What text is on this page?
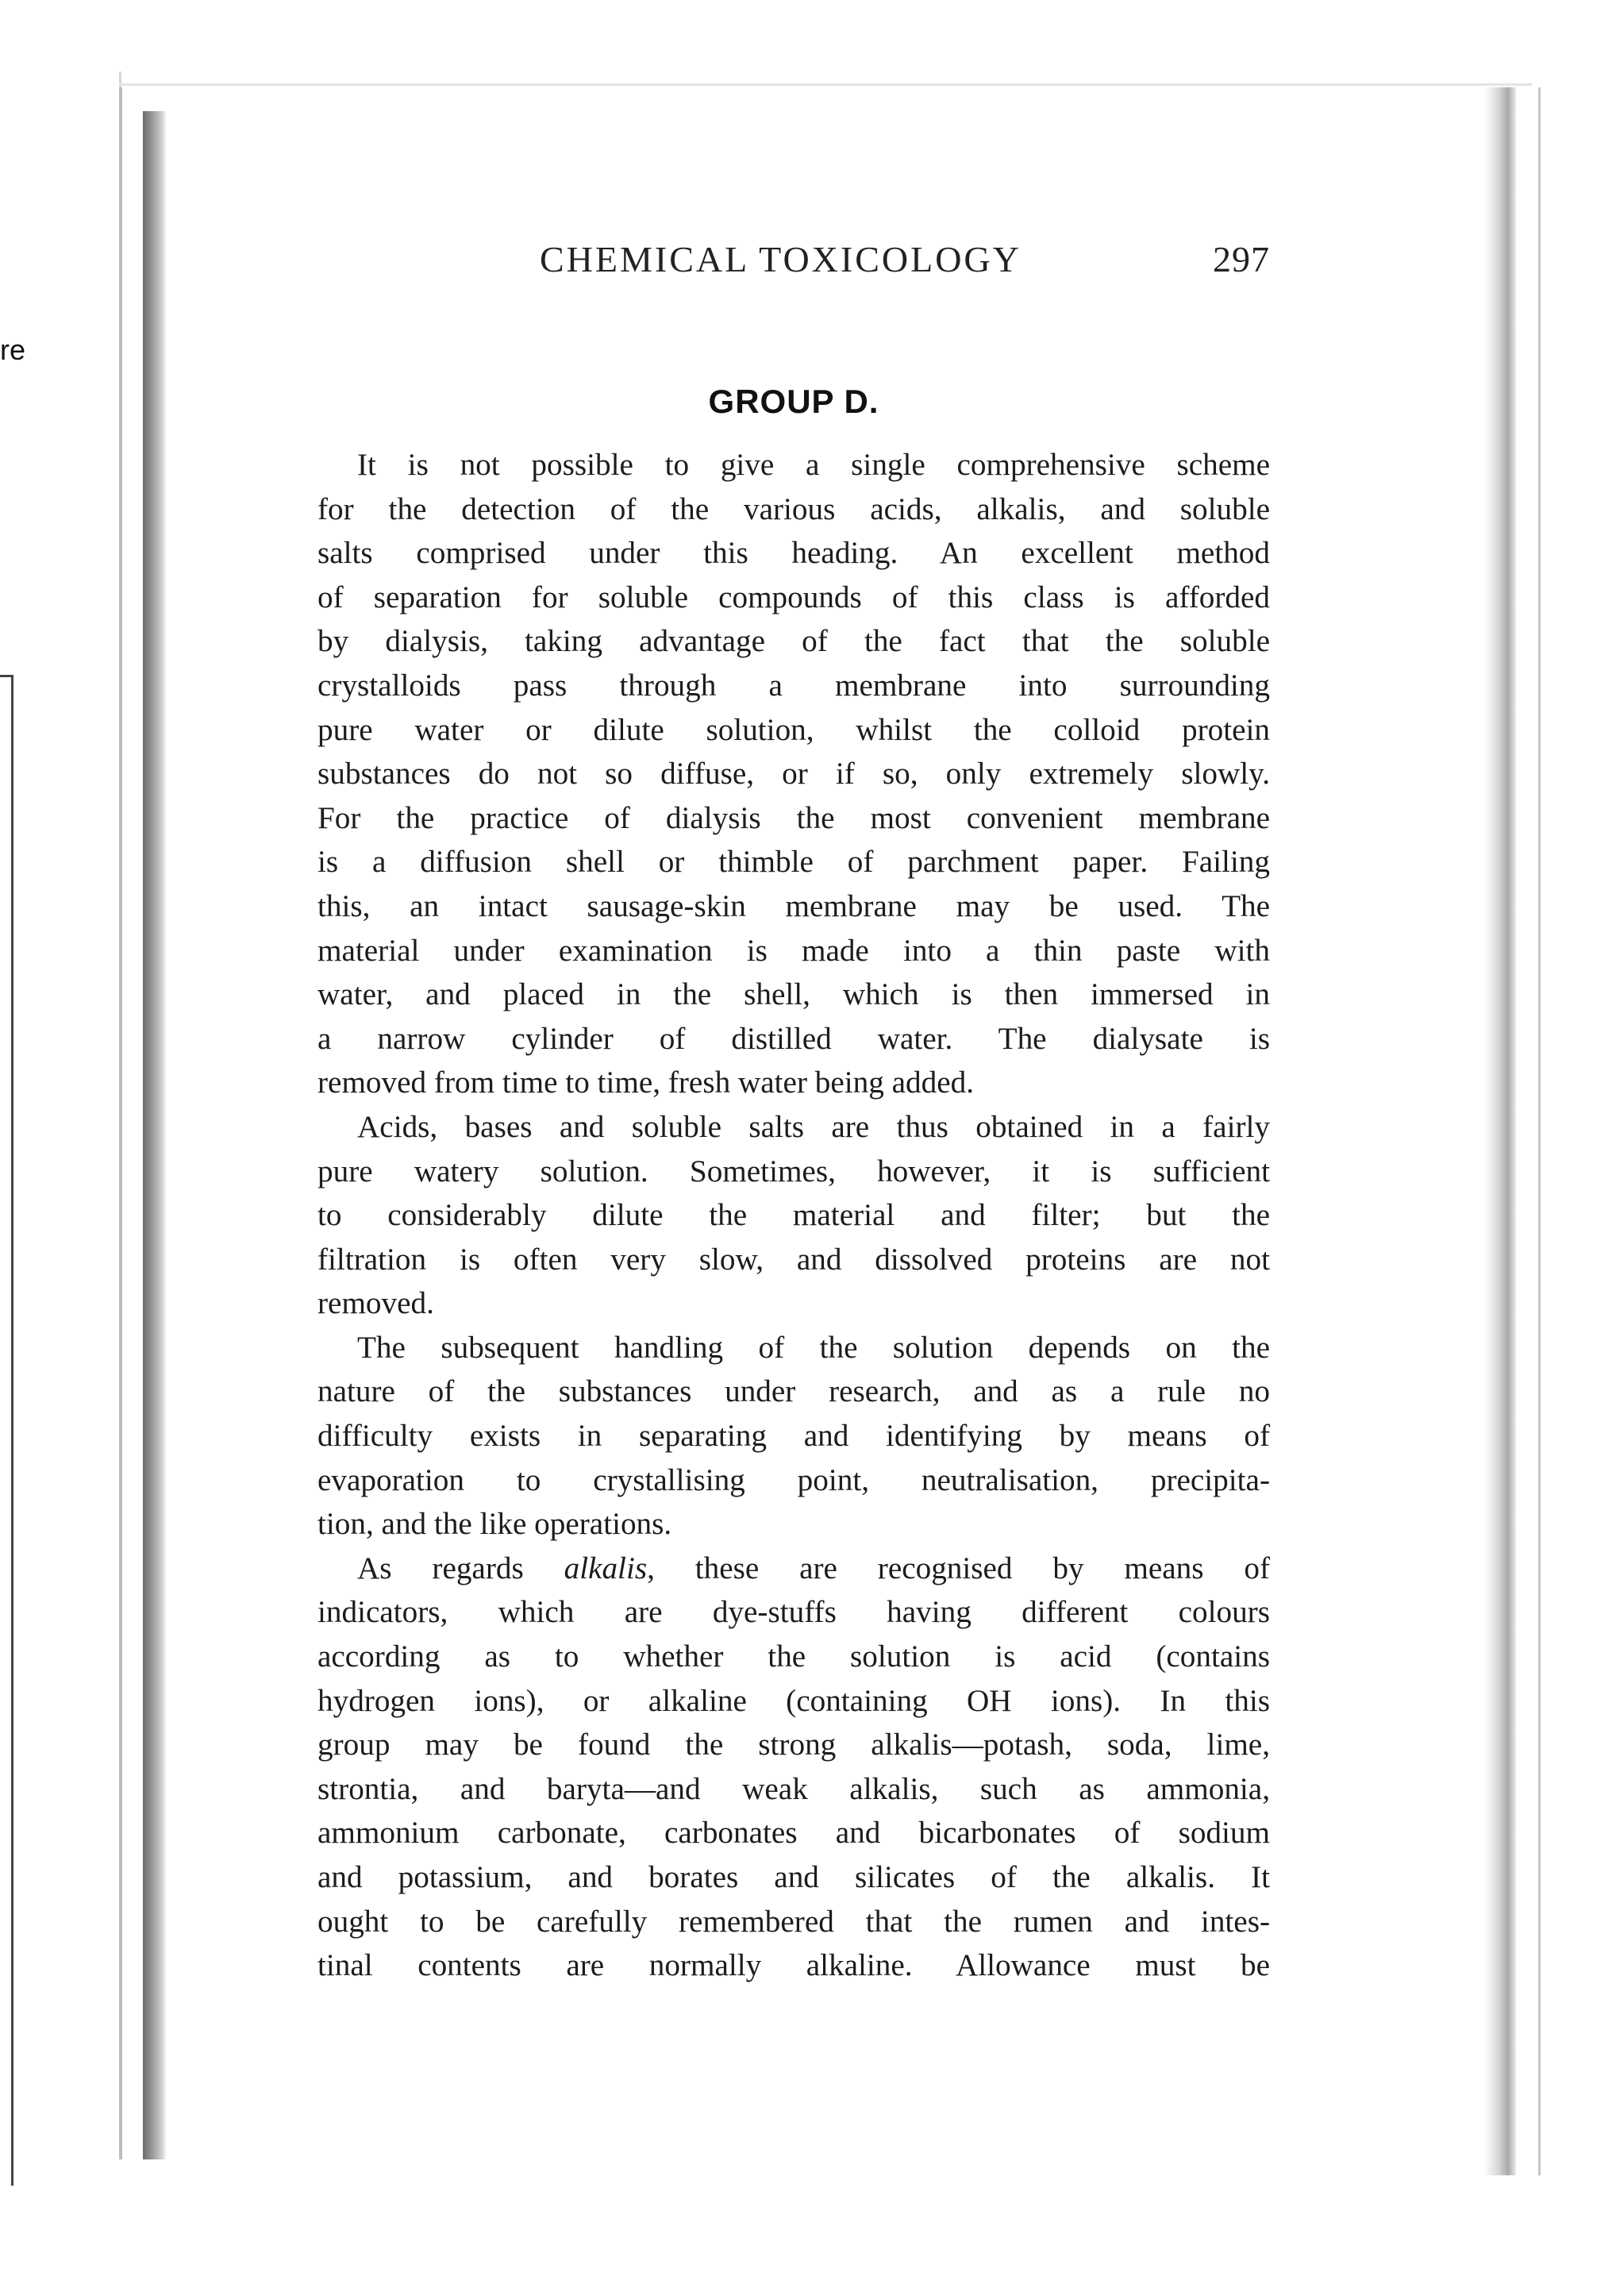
re
CHEMICAL TOXICOLOGY	297
GROUP D.

It is not possible to give a single comprehensive scheme
for the detection of the various acids, alkalis, and soluble
salts comprised under this heading. An excellent method
of separation for soluble compounds of this class is afforded
by dialysis, taking advantage of the fact that the soluble
crystalloids pass through a membrane into surrounding
pure water or dilute solution, whilst the colloid protein
substances do not so diffuse, or if so, only extremely slowly.
For the practice of dialysis the most convenient membrane
is a diffusion shell or thimble of parchment paper. Failing
this, an intact sausage-skin membrane may be used. The
material under examination is made into a thin paste with
water, and placed in the shell, which is then immersed in
a narrow cylinder of distilled water. The dialysate is
removed from time to time, fresh water being added.

Acids, bases and soluble salts are thus obtained in a fairly
pure watery solution. Sometimes, however, it is sufficient
to considerably dilute the material and filter; but the
filtration is often very slow, and dissolved proteins are not
removed.

The subsequent handling of the solution depends on the
nature of the substances under research, and as a rule no
difficulty exists in separating and identifying by means of
evaporation to crystallising point, neutralisation, precipita-
tion, and the like operations.

As regards alkalis, these are recognised by means of
indicators, which are dye-stuffs having different colours
according as to whether the solution is acid (contains
hydrogen ions), or alkaline (containing OH ions). In this
group may be found the strong alkalis—potash, soda, lime,
strontia, and baryta—and weak alkalis, such as ammonia,
ammonium carbonate, carbonates and bicarbonates of sodium
and potassium, and borates and silicates of the alkalis. It
ought to be carefully remembered that the rumen and intes-
tinal contents are normally alkaline. Allowance must be
